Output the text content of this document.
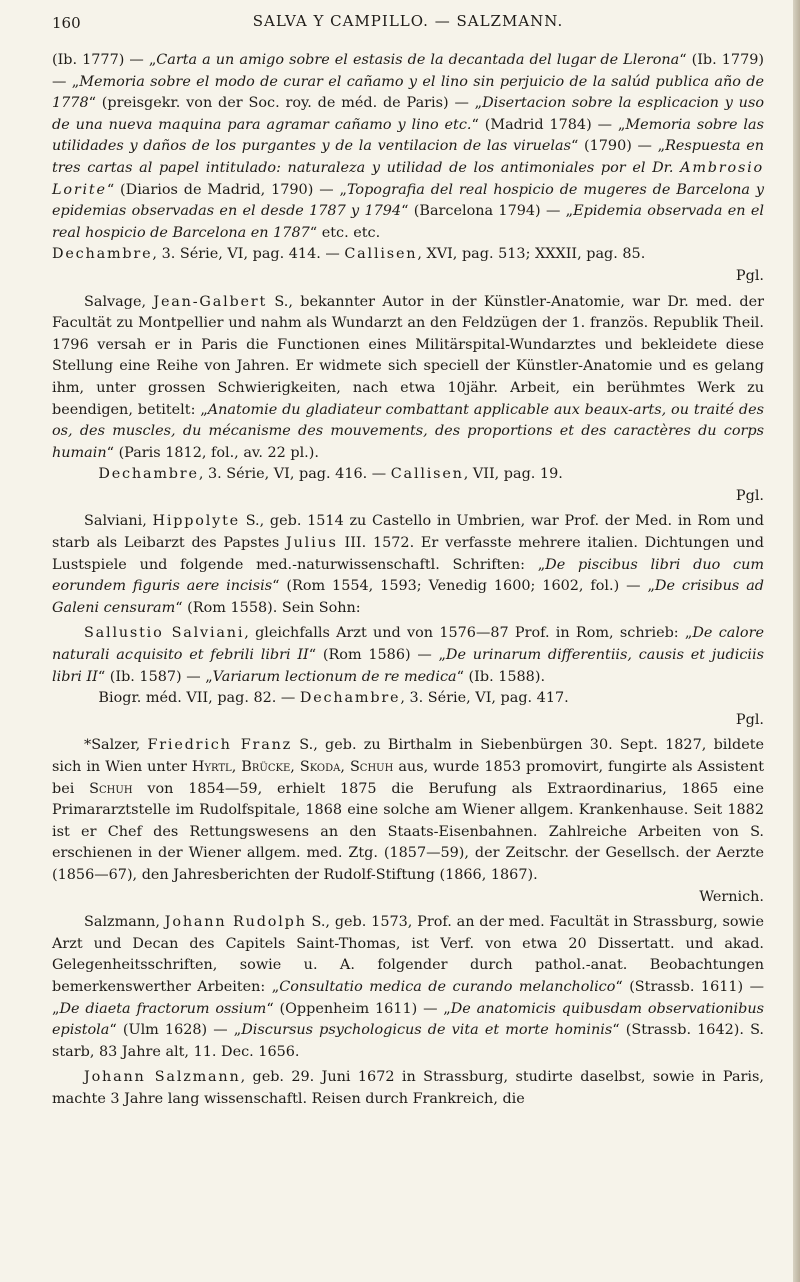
160	SALVA Y CAMPILLO. — SALZMANN.

(Ib. 1777) — „Carta a un amigo sobre el estasis de la decantada del lugar de Llerona“ (Ib. 1779) — „Memoria sobre el modo de curar el cañamo y el lino sin perjuicio de la salúd publica año de 1778“ (preisgekr. von der Soc. roy. de méd. de Paris) — „Disertacion sobre la esplicacion y uso de una nueva maquina para agramar cañamo y lino etc.“ (Madrid 1784) — „Memoria sobre las utilidades y daños de los purgantes y de la ventilacion de las viruelas“ (1790) — „Respuesta en tres cartas al papel intitulado: naturaleza y utilidad de los antimoniales por el Dr. Ambrosio Lorite“ (Diarios de Madrid, 1790) — „Topografia del real hospicio de mugeres de Barcelona y epidemias observadas en el desde 1787 y 1794“ (Barcelona 1794) — „Epidemia observada en el real hospicio de Barcelona en 1787“ etc. etc.
Dechambre, 3. Série, VI, pag. 414. — Callisen, XVI, pag. 513; XXXII, pag. 85.
Pgl.

Salvage, Jean-Galbert S., bekannter Autor in der Künstler-Anatomie, war Dr. med. der Facultät zu Montpellier und nahm als Wundarzt an den Feldzügen der 1. französ. Republik Theil. 1796 versah er in Paris die Functionen eines Militärspital-Wundarztes und bekleidete diese Stellung eine Reihe von Jahren. Er widmete sich speciell der Künstler-Anatomie und es gelang ihm, unter grossen Schwierigkeiten, nach etwa 10jähr. Arbeit, ein berühmtes Werk zu beendigen, betitelt: „Anatomie du gladiateur combattant applicable aux beaux-arts, ou traité des os, des muscles, du mécanisme des mouvements, des proportions et des caractères du corps humain“ (Paris 1812, fol., av. 22 pl.).
 Dechambre, 3. Série, VI, pag. 416. — Callisen, VII, pag. 19.
Pgl.

Salviani, Hippolyte S., geb. 1514 zu Castello in Umbrien, war Prof. der Med. in Rom und starb als Leibarzt des Papstes Julius III. 1572. Er verfasste mehrere italien. Dichtungen und Lustspiele und folgende med.-naturwissenschaftl. Schriften: „De piscibus libri duo cum eorundem figuris aere incisis“ (Rom 1554, 1593; Venedig 1600; 1602, fol.) — „De crisibus ad Galeni censuram“ (Rom 1558). Sein Sohn:

Sallustio Salviani, gleichfalls Arzt und von 1576—87 Prof. in Rom, schrieb: „De calore naturali acquisito et febrili libri II“ (Rom 1586) — „De urinarum differentiis, causis et judiciis libri II“ (Ib. 1587) — „Variarum lectionum de re medica“ (Ib. 1588).
 Biogr. méd. VII, pag. 82. — Dechambre, 3. Série, VI, pag. 417.
Pgl.

*Salzer, Friedrich Franz S., geb. zu Birthalm in Siebenbürgen 30. Sept. 1827, bildete sich in Wien unter Hyrtl, Brücke, Skoda, Schuh aus, wurde 1853 promovirt, fungirte als Assistent bei Schuh von 1854—59, erhielt 1875 die Berufung als Extraordinarius, 1865 eine Primararztstelle im Rudolfspitale, 1868 eine solche am Wiener allgem. Krankenhause. Seit 1882 ist er Chef des Rettungswesens an den Staats-Eisenbahnen. Zahlreiche Arbeiten von S. erschienen in der Wiener allgem. med. Ztg. (1857—59), der Zeitschr. der Gesellsch. der Aerzte (1856—67), den Jahresberichten der Rudolf-Stiftung (1866, 1867).
Wernich.

Salzmann, Johann Rudolph S., geb. 1573, Prof. an der med. Facultät in Strassburg, sowie Arzt und Decan des Capitels Saint-Thomas, ist Verf. von etwa 20 Dissertatt. und akad. Gelegenheitsschriften, sowie u. A. folgender durch pathol.-anat. Beobachtungen bemerkenswerther Arbeiten: „Consultatio medica de curando melancholico“ (Strassb. 1611) — „De diaeta fractorum ossium“ (Oppenheim 1611) — „De anatomicis quibusdam observationibus epistola“ (Ulm 1628) — „Discursus psychologicus de vita et morte hominis“ (Strassb. 1642). S. starb, 83 Jahre alt, 11. Dec. 1656.

Johann Salzmann, geb. 29. Juni 1672 in Strassburg, studirte daselbst, sowie in Paris, machte 3 Jahre lang wissenschaftl. Reisen durch Frankreich, die
